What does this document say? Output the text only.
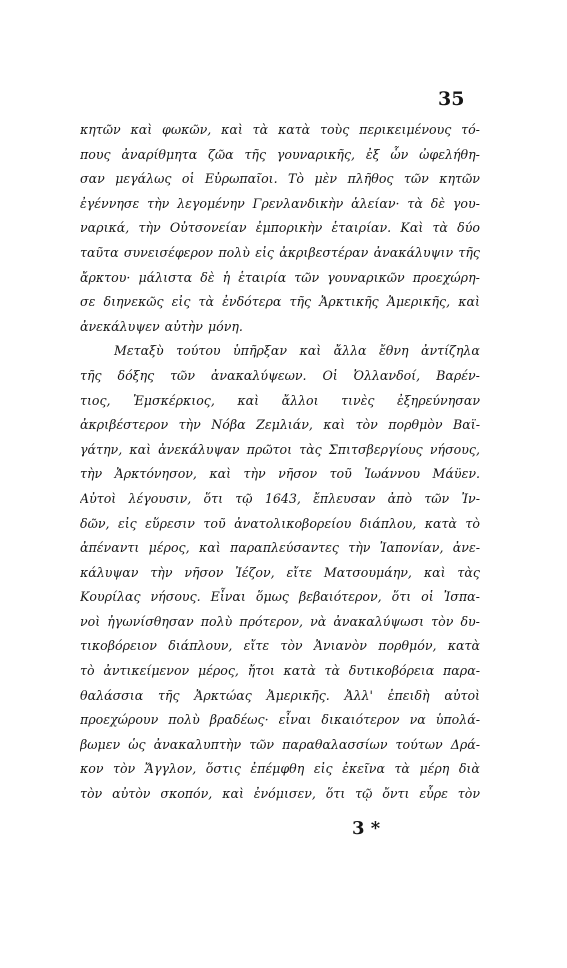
35
κητῶν καὶ φωκῶν, καὶ τὰ κατὰ τοὺς περικειμένους τό-
πους ἀναρίθμητα ζῶα τῆς γουναρικῆς, ἐξ ὧν ὠφελήθη-
σαν μεγάλως οἱ Εὐρωπαῖοι. Τὸ μὲν πλῆθος τῶν κητῶν
ἐγέννησε τὴν λεγομένην Γρενλανδικὴν ἁλείαν· τὰ δὲ γου-
ναρικά, τὴν Οὐτσονείαν ἐμπορικὴν ἑταιρίαν. Καὶ τὰ δύο
ταῦτα συνεισέφερον πολὺ εἰς ἀκριβεστέραν ἀνακάλυψιν τῆς
ἄρκτου· μάλιστα δὲ ἡ ἑταιρία τῶν γουναρικῶν προεχώρη-
σε διηνεκῶς εἰς τὰ ἐνδότερα τῆς Ἀρκτικῆς Ἀμερικῆς, καὶ
ἀνεκάλυψεν αὐτὴν μόνη.
Μεταξὺ τούτου ὑπῆρξαν καὶ ἄλλα ἔθνη ἀντίζηλα
τῆς δόξης τῶν ἀνακαλύψεων. Οἱ Ὀλλανδοί, Βαρέν-
τιος, Ἐμσκέρκιος, καὶ ἄλλοι τινὲς ἐξηρεύνησαν
ἀκριβέστερον τὴν Νόβα Ζεμλιάν, καὶ τὸν πορθμὸν Βαϊ-
γάτην, καὶ ἀνεκάλυψαν πρῶτοι τὰς Σπιτσβεργίους νήσους,
τὴν Ἀρκτόνησον, καὶ τὴν νῆσον τοῦ Ἰωάννου Μάϋεν.
Αὐτοὶ λέγουσιν, ὅτι τῷ 1643, ἔπλευσαν ἀπὸ τῶν Ἰν-
δῶν, εἰς εὕρεσιν τοῦ ἀνατολικοβορείου διάπλου, κατὰ τὸ
ἀπέναντι μέρος, καὶ παραπλεύσαντες τὴν Ἰαπονίαν, ἀνε-
κάλυψαν τὴν νῆσον Ἰέζον, εἴτε Ματσουμάην, καὶ τὰς
Κουρίλας νήσους. Εἶναι ὅμως βεβαιότερον, ὅτι οἱ Ἰσπα-
νοὶ ἠγωνίσθησαν πολὺ πρότερον, νὰ ἀνακαλύψωσι τὸν δυ-
τικοβόρειον διάπλουν, εἴτε τὸν Ἀνιανὸν πορθμόν, κατὰ
τὸ ἀντικείμενον μέρος, ἤτοι κατὰ τὰ δυτικοβόρεια παρα-
θαλάσσια τῆς Ἀρκτώας Ἀμερικῆς. Ἀλλ' ἐπειδὴ αὐτοὶ
προεχώρουν πολὺ βραδέως· εἶναι δικαιότερον να ὑπολά-
βωμεν ὡς ἀνακαλυπτὴν τῶν παραθαλασσίων τούτων Δρά-
κον τὸν Ἄγγλον, ὅστις ἐπέμφθη εἰς ἐκεῖνα τὰ μέρη διὰ
τὸν αὐτὸν σκοπόν, καὶ ἐνόμισεν, ὅτι τῷ ὄντι εὗρε τὸν
3 *
